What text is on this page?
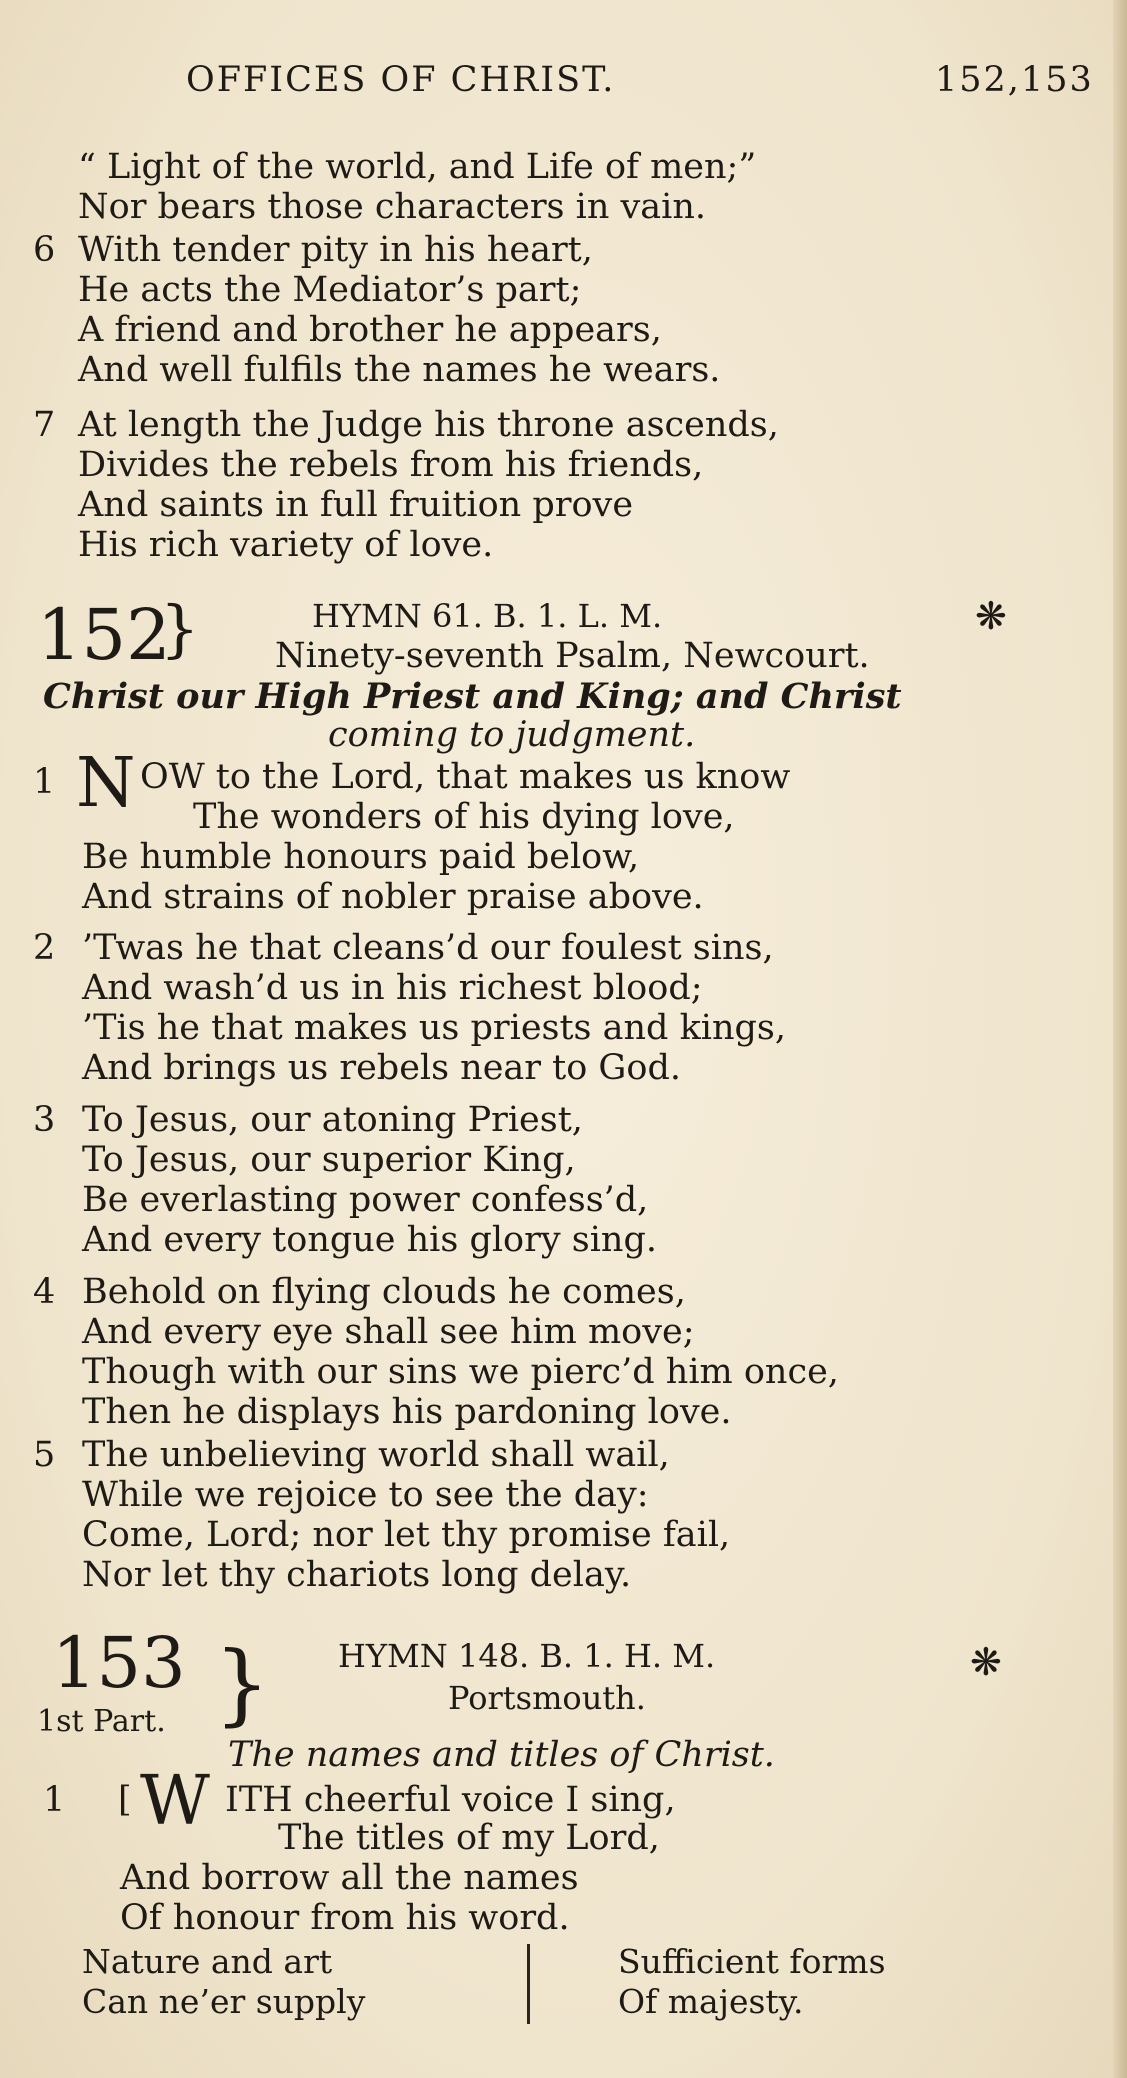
OFFICES OF CHRIST.	152,153
“ Light of the world, and Life of men;”
Nor bears those characters in vain.
6 With tender pity in his heart,
He acts the Mediator’s part;
A friend and brother he appears,
And well fulfils the names he wears.
7 At length the Judge his throne ascends,
Divides the rebels from his friends,
And saints in full fruition prove
His rich variety of love.
152
}	HYMN 61. B. 1. L. M.	❋
Ninety-seventh Psalm, Newcourt.
Christ our High Priest and King; and Christ
coming to judgment.
1 N OW to the Lord, that makes us know
The wonders of his dying love,
Be humble honours paid below,
And strains of nobler praise above.
2 ’Twas he that cleans’d our foulest sins,
And wash’d us in his richest blood;
’Tis he that makes us priests and kings,
And brings us rebels near to God.
3 To Jesus, our atoning Priest,
To Jesus, our superior King,
Be everlasting power confess’d,
And every tongue his glory sing.
4 Behold on flying clouds he comes,
And every eye shall see him move;
Though with our sins we pierc’d him once,
Then he displays his pardoning love.
5 The unbelieving world shall wail,
While we rejoice to see the day:
Come, Lord; nor let thy promise fail,
Nor let thy chariots long delay.
153
1st Part. } HYMN 148. B. 1. H. M.	❋
Portsmouth.
The names and titles of Christ.
1 [ W ITH cheerful voice I sing,
The titles of my Lord,
And borrow all the names
Of honour from his word.
Nature and art
Can ne’er supply
Sufficient forms
Of majesty.
